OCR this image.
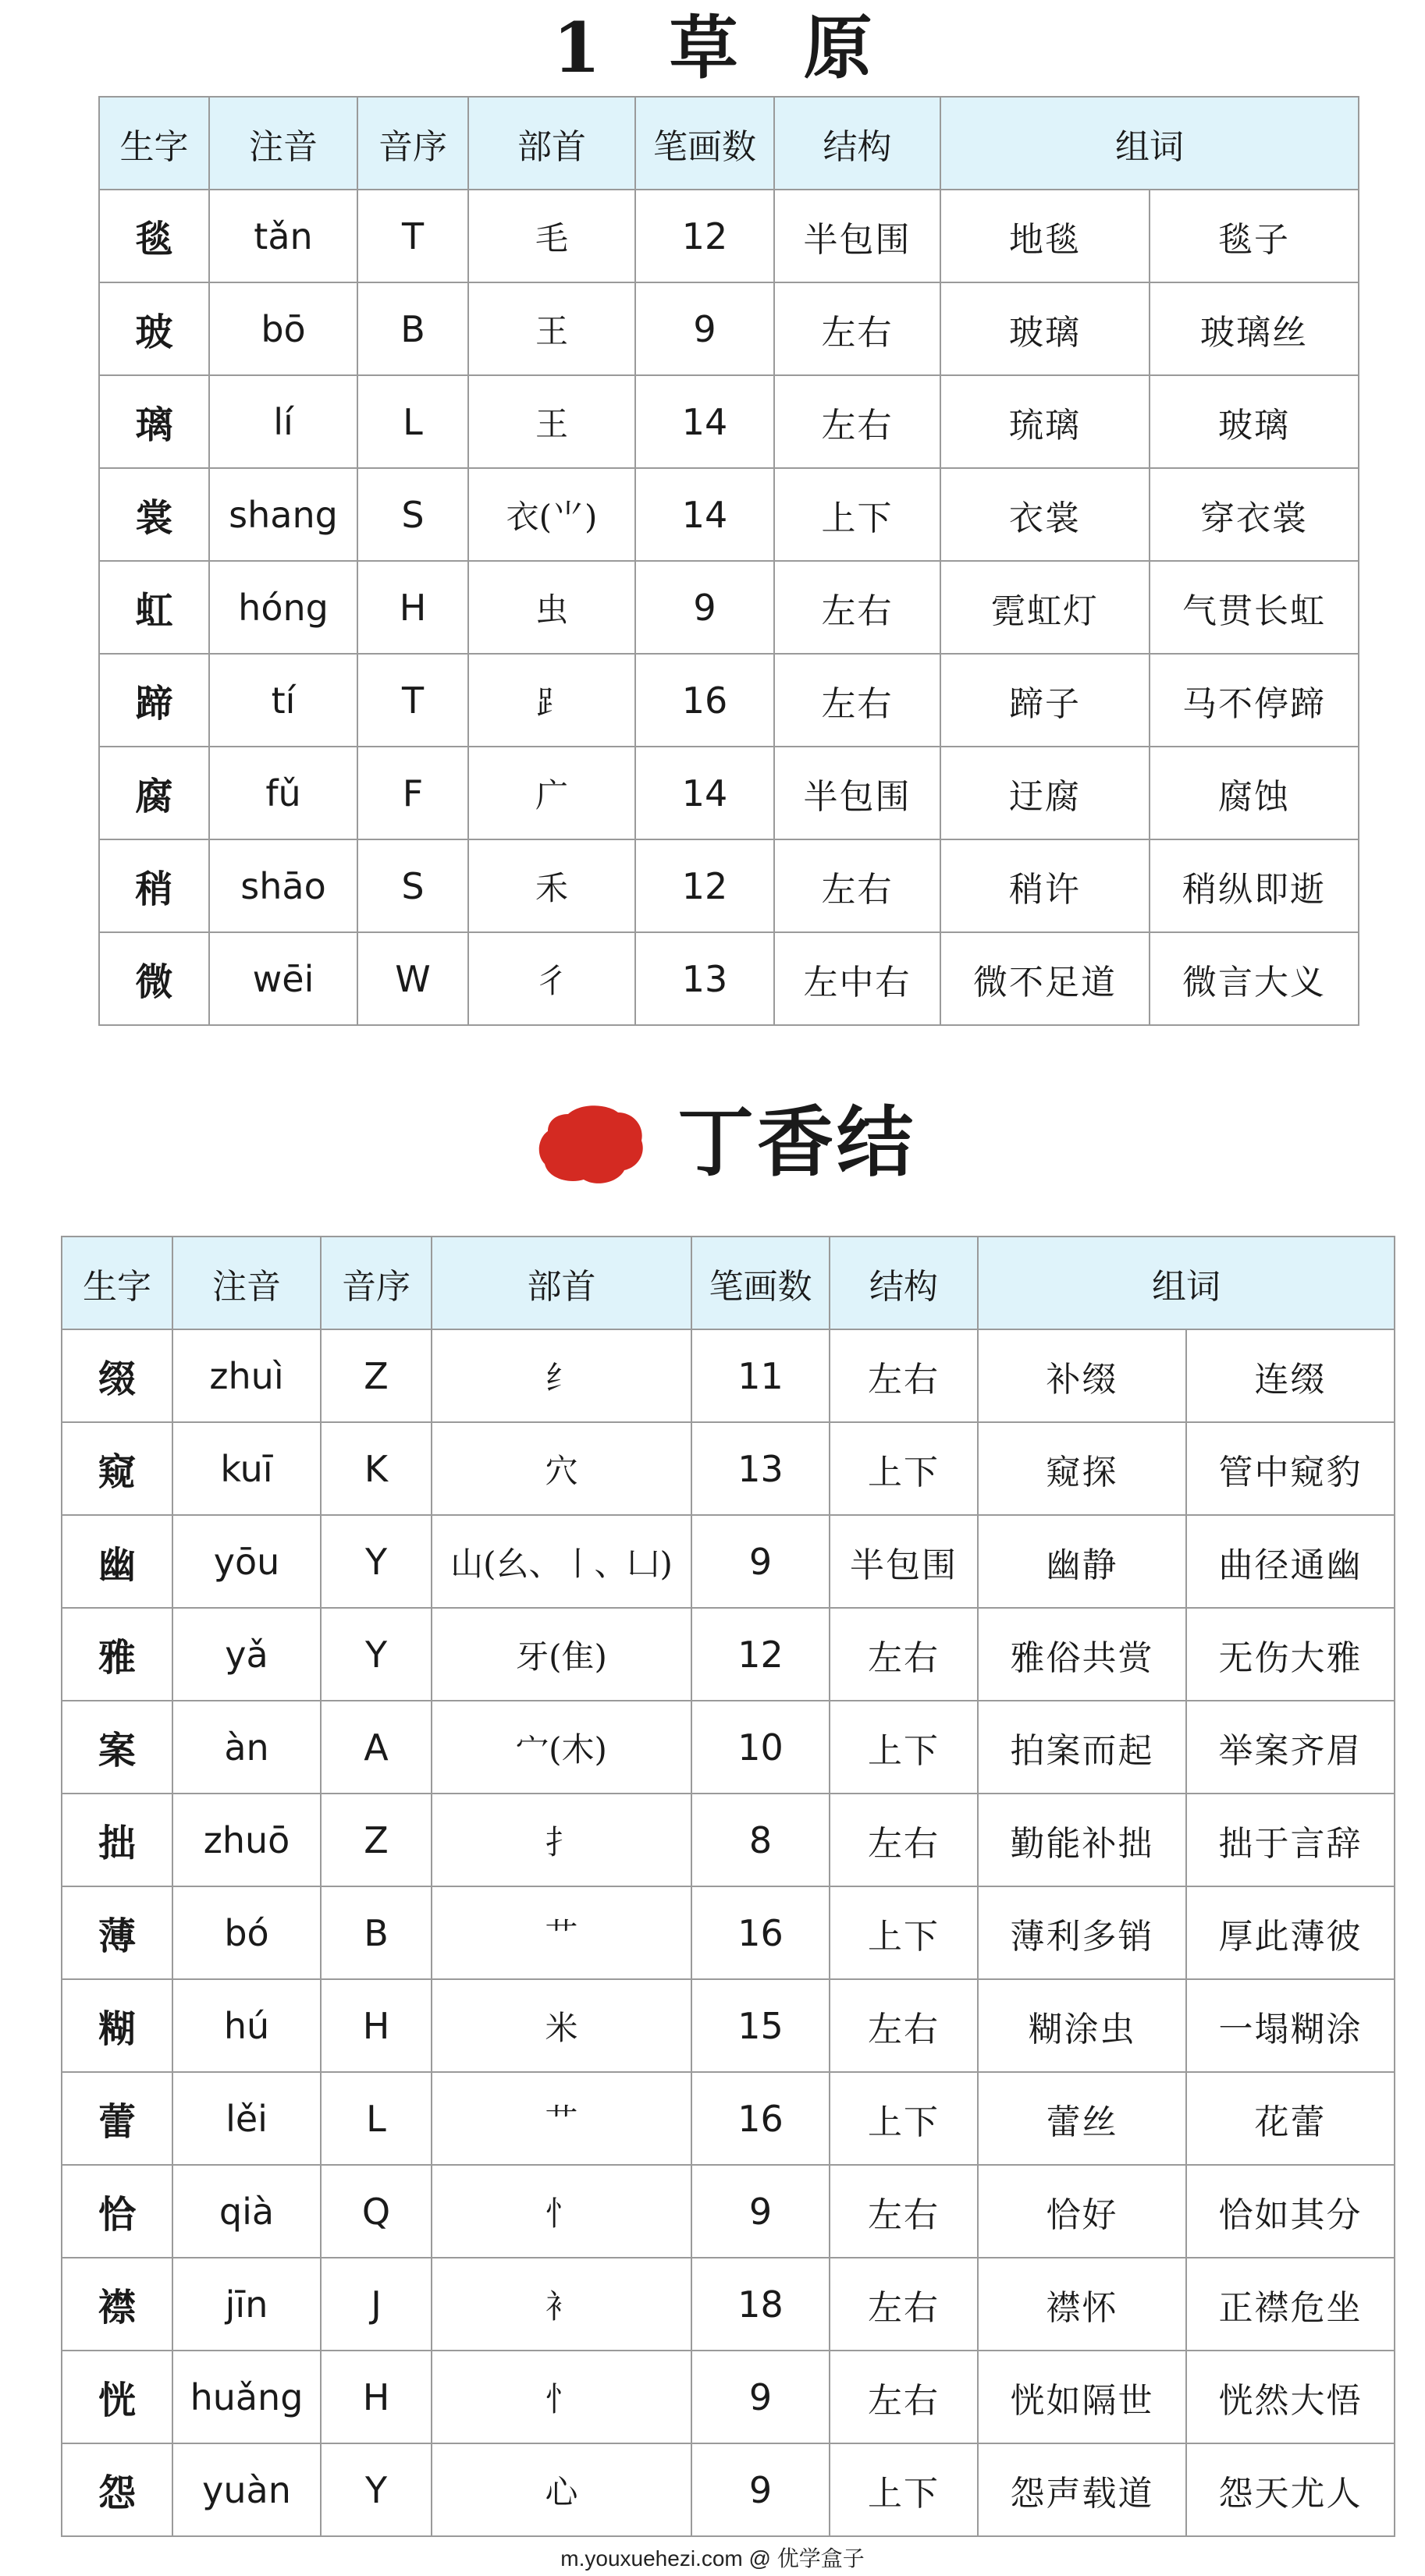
1 草原
生字	注音	音序	部首	笔画数	结构	组词	
毯	tǎn	T	毛	12	半包围	地毯	毯子
玻	bō	B	王	9	左右	玻璃	玻璃丝
璃	lí	L	王	14	左右	琉璃	玻璃
裳	shang	S	衣(⺌)	14	上下	衣裳	穿衣裳
虹	hóng	H	虫	9	左右	霓虹灯	气贯长虹
蹄	tí	T	⻊	16	左右	蹄子	马不停蹄
腐	fǔ	F	广	14	半包围	迂腐	腐蚀
稍	shāo	S	禾	12	左右	稍许	稍纵即逝
微	wēi	W	彳	13	左中右	微不足道	微言大义
丁香结
生字	注音	音序	部首	笔画数	结构	组词	
缀	zhuì	Z	纟	11	左右	补缀	连缀
窥	kuī	K	穴	13	上下	窥探	管中窥豹
幽	yōu	Y	山(幺、丨、凵)	9	半包围	幽静	曲径通幽
雅	yǎ	Y	牙(隹)	12	左右	雅俗共赏	无伤大雅
案	àn	A	宀(木)	10	上下	拍案而起	举案齐眉
拙	zhuō	Z	扌	8	左右	勤能补拙	拙于言辞
薄	bó	B	艹	16	上下	薄利多销	厚此薄彼
糊	hú	H	米	15	左右	糊涂虫	一塌糊涂
蕾	lěi	L	艹	16	上下	蕾丝	花蕾
恰	qià	Q	忄	9	左右	恰好	恰如其分
襟	jīn	J	衤	18	左右	襟怀	正襟危坐
恍	huǎng	H	忄	9	左右	恍如隔世	恍然大悟
怨	yuàn	Y	心	9	上下	怨声载道	怨天尤人
m.youxuehezi.com @ 优学盒子
